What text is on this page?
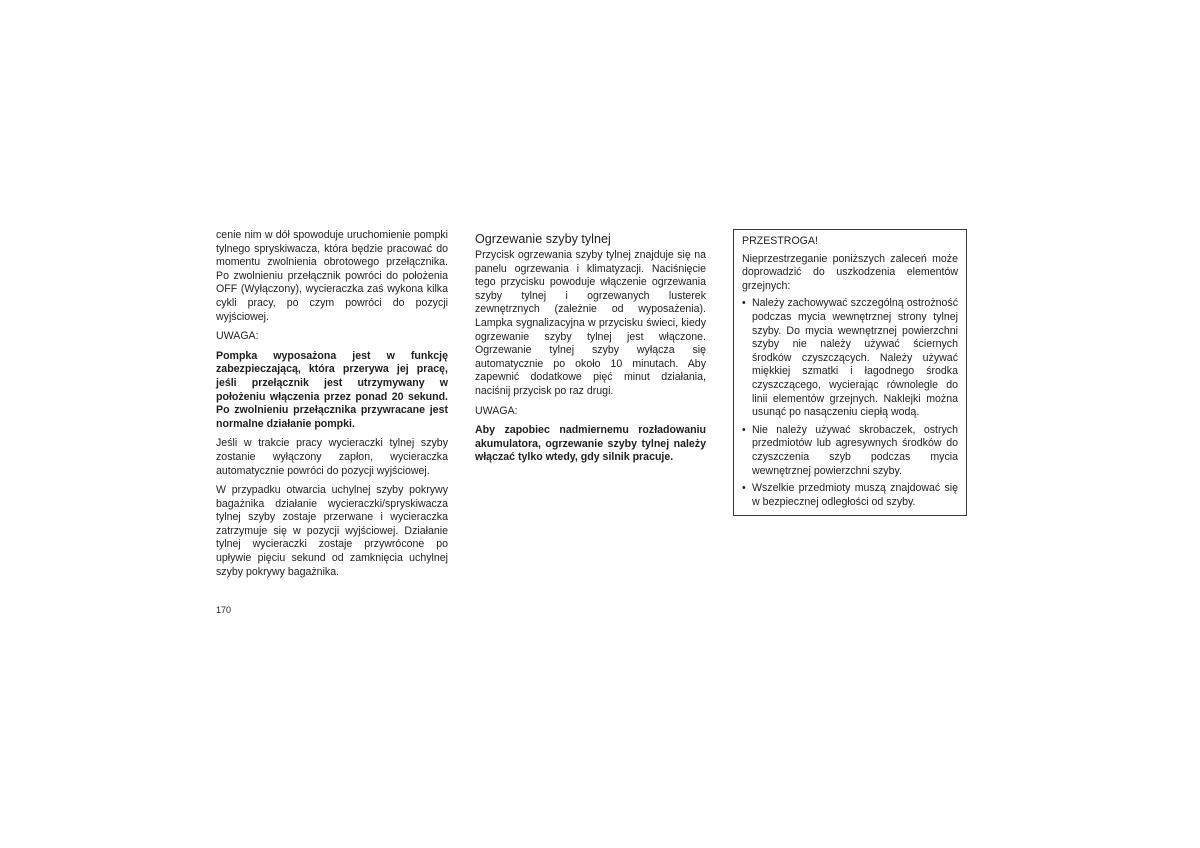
cenie nim w dół spowoduje uruchomienie pompki tylnego spryskiwacza, która będzie pracować do momentu zwolnienia obrotowego przełącznika. Po zwolnieniu przełącznik powróci do położenia OFF (Wyłączony), wycieraczka zaś wykona kilka cykli pracy, po czym powróci do pozycji wyjściowej.

UWAGA:

Pompka wyposażona jest w funkcję zabezpieczającą, która przerywa jej pracę, jeśli przełącznik jest utrzymywany w położeniu włączenia przez ponad 20 sekund. Po zwolnieniu przełącznika przywracane jest normalne działanie pompki.

Jeśli w trakcie pracy wycieraczki tylnej szyby zostanie wyłączony zapłon, wycieraczka automatycznie powróci do pozycji wyjściowej.

W przypadku otwarcia uchylnej szyby pokrywy bagażnika działanie wycieraczki/spryskiwacza tylnej szyby zostaje przerwane i wycieraczka zatrzymuje się w pozycji wyjściowej. Działanie tylnej wycieraczki zostaje przywrócone po upływie pięciu sekund od zamknięcia uchylnej szyby pokrywy bagażnika.

Ogrzewanie szyby tylnej

Przycisk ogrzewania szyby tylnej znajduje się na panelu ogrzewania i klimatyzacji. Naciśnięcie tego przycisku powoduje włączenie ogrzewania szyby tylnej i ogrzewanych lusterek zewnętrznych (zależnie od wyposażenia). Lampka sygnalizacyjna w przycisku świeci, kiedy ogrzewanie szyby tylnej jest włączone. Ogrzewanie tylnej szyby wyłącza się automatycznie po około 10 minutach. Aby zapewnić dodatkowe pięć minut działania, naciśnij przycisk po raz drugi.

UWAGA:

Aby zapobiec nadmiernemu rozładowaniu akumulatora, ogrzewanie szyby tylnej należy włączać tylko wtedy, gdy silnik pracuje.

PRZESTROGA!

Nieprzestrzeganie poniższych zaleceń może doprowadzić do uszkodzenia elementów grzejnych:

• Należy zachowywać szczególną ostrożność podczas mycia wewnętrznej strony tylnej szyby. Do mycia wewnętrznej powierzchni szyby nie należy używać ściernych środków czyszczących. Należy używać miękkiej szmatki i łagodnego środka czyszczącego, wycierając równolegle do linii elementów grzejnych. Naklejki można usunąć po nasączeniu ciepłą wodą.
• Nie należy używać skrobaczek, ostrych przedmiotów lub agresywnych środków do czyszczenia szyb podczas mycia wewnętrznej powierzchni szyby.
• Wszelkie przedmioty muszą znajdować się w bezpiecznej odległości od szyby.
170
